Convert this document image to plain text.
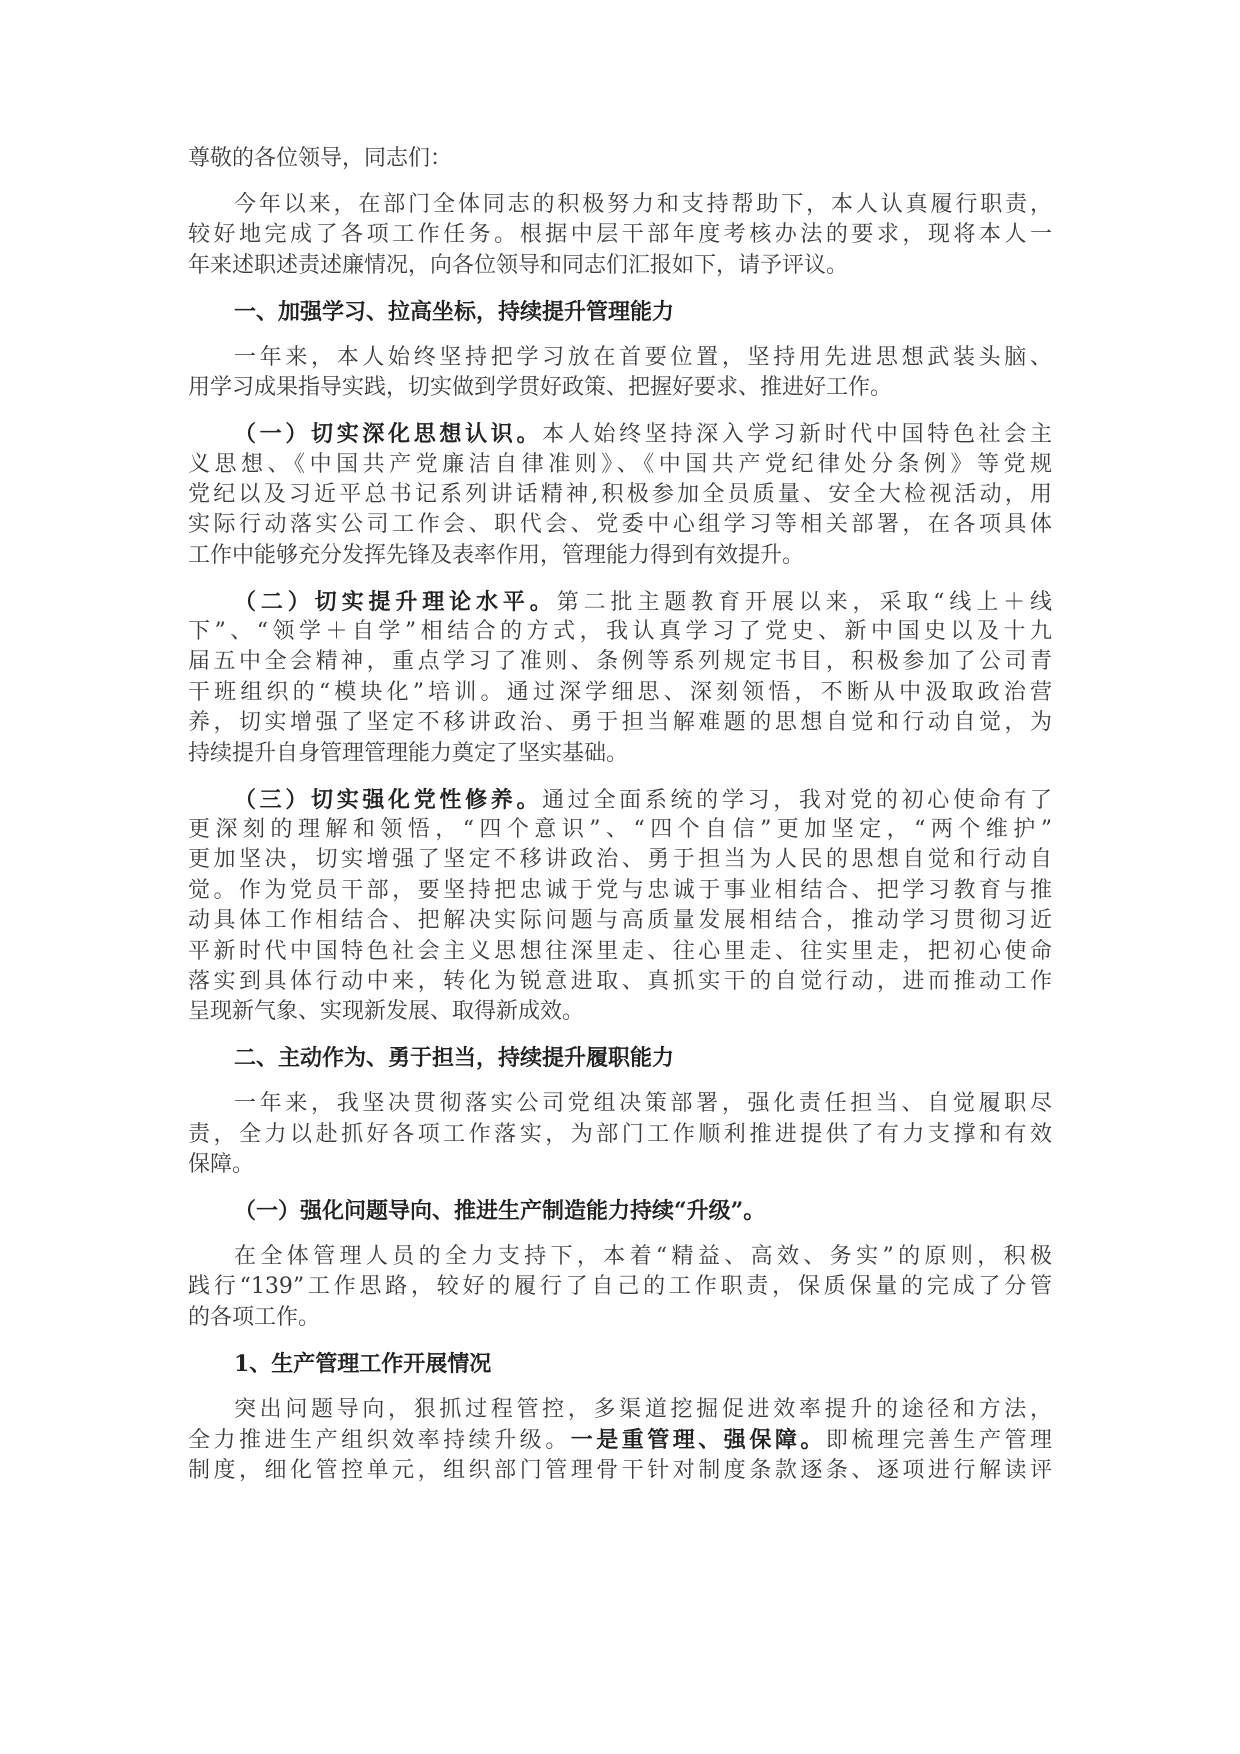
尊敬的各位领导，同志们：
今年以来，在部门全体同志的积极努力和支持帮助下，本人认真履行职责，
较好地完成了各项工作任务。根据中层干部年度考核办法的要求，现将本人一
年来述职述责述廉情况，向各位领导和同志们汇报如下，请予评议。
一、加强学习、拉高坐标，持续提升管理能力
一年来，本人始终坚持把学习放在首要位置，坚持用先进思想武装头脑、
用学习成果指导实践，切实做到学贯好政策、把握好要求、推进好工作。
（一）切实深化思想认识。本人始终坚持深入学习新时代中国特色社会主
义思想、《中国共产党廉洁自律准则》、《中国共产党纪律处分条例》等党规
党纪以及习近平总书记系列讲话精神,积极参加全员质量、安全大检视活动，用
实际行动落实公司工作会、职代会、党委中心组学习等相关部署，在各项具体
工作中能够充分发挥先锋及表率作用，管理能力得到有效提升。
（二）切实提升理论水平。第二批主题教育开展以来，采取“线上＋线
下”、“领学＋自学”相结合的方式，我认真学习了党史、新中国史以及十九
届五中全会精神，重点学习了准则、条例等系列规定书目，积极参加了公司青
干班组织的“模块化”培训。通过深学细思、深刻领悟，不断从中汲取政治营
养，切实增强了坚定不移讲政治、勇于担当解难题的思想自觉和行动自觉，为
持续提升自身管理管理能力奠定了坚实基础。
（三）切实强化党性修养。通过全面系统的学习，我对党的初心使命有了
更深刻的理解和领悟，“四个意识”、“四个自信”更加坚定，“两个维护”
更加坚决，切实增强了坚定不移讲政治、勇于担当为人民的思想自觉和行动自
觉。作为党员干部，要坚持把忠诚于党与忠诚于事业相结合、把学习教育与推
动具体工作相结合、把解决实际问题与高质量发展相结合，推动学习贯彻习近
平新时代中国特色社会主义思想往深里走、往心里走、往实里走，把初心使命
落实到具体行动中来，转化为锐意进取、真抓实干的自觉行动，进而推动工作
呈现新气象、实现新发展、取得新成效。
二、主动作为、勇于担当，持续提升履职能力
一年来，我坚决贯彻落实公司党组决策部署，强化责任担当、自觉履职尽
责，全力以赴抓好各项工作落实，为部门工作顺利推进提供了有力支撑和有效
保障。
（一）强化问题导向、推进生产制造能力持续“升级”。
在全体管理人员的全力支持下，本着“精益、高效、务实”的原则，积极
践行“139”工作思路，较好的履行了自己的工作职责，保质保量的完成了分管
的各项工作。
1、生产管理工作开展情况
突出问题导向，狠抓过程管控，多渠道挖掘促进效率提升的途径和方法，
全力推进生产组织效率持续升级。一是重管理、强保障。即梳理完善生产管理
制度，细化管控单元，组织部门管理骨干针对制度条款逐条、逐项进行解读评
